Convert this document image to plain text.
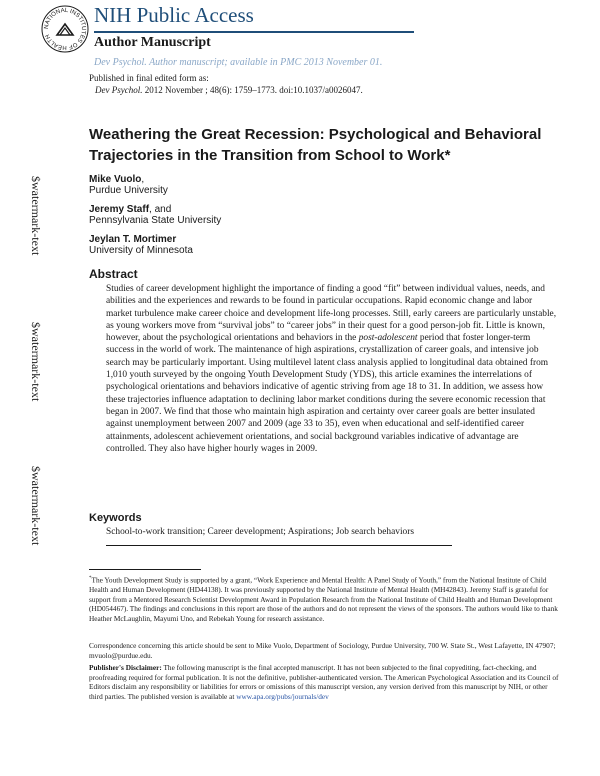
NATIONAL INSTITUTES OF HEALTH
NIH Public Access
Author Manuscript
Dev Psychol. Author manuscript; available in PMC 2013 November 01.
Published in final edited form as:
Dev Psychol. 2012 November ; 48(6): 1759–1773. doi:10.1037/a0026047.
$watermark-text
$watermark-text
$watermark-text
Weathering the Great Recession: Psychological and Behavioral Trajectories in the Transition from School to Work*
Mike Vuolo,
Purdue University
Jeremy Staff, and
Pennsylvania State University
Jeylan T. Mortimer
University of Minnesota
Abstract

Studies of career development highlight the importance of finding a good “fit” between individual values, needs, and abilities and the experiences and rewards to be found in particular occupations. Rapid economic change and labor market turbulence make career choice and development life-long processes. Still, early careers are particularly unstable, as young workers move from “survival jobs” to “career jobs” in their quest for a good person-job fit. Little is known, however, about the psychological orientations and behaviors in the post-adolescent period that foster longer-term success in the world of work. The maintenance of high aspirations, crystallization of career goals, and intensive job search may be particularly important. Using multilevel latent class analysis applied to longitudinal data obtained from 1,010 youth surveyed by the ongoing Youth Development Study (YDS), this article examines the interrelations of psychological orientations and behaviors indicative of agentic striving from age 18 to 31. In addition, we assess how these trajectories influence adaptation to declining labor market conditions during the severe economic recession that began in 2007. We find that those who maintain high aspiration and certainty over career goals are better insulated against unemployment between 2007 and 2009 (age 33 to 35), even when educational and self-identified career attainments, adolescent achievement orientations, and social background variables indicative of advantage are controlled. They also have higher hourly wages in 2009.

Keywords
School-to-work transition; Career development; Aspirations; Job search behaviors

*The Youth Development Study is supported by a grant, “Work Experience and Mental Health: A Panel Study of Youth,” from the National Institute of Child Health and Human Development (HD44138). It was previously supported by the National Institute of Mental Health (MH42843). Jeremy Staff is grateful for support from a Mentored Research Scientist Development Award in Population Research from the National Institute of Child Health and Human Development (HD054467). The findings and conclusions in this report are those of the authors and do not represent the views of the sponsors. The authors would like to thank Heather McLaughlin, Mayumi Uno, and Rebekah Young for research assistance.

Correspondence concerning this article should be sent to Mike Vuolo, Department of Sociology, Purdue University, 700 W. State St., West Lafayette, IN 47907; mvuolo@purdue.edu.

Publisher's Disclaimer: The following manuscript is the final accepted manuscript. It has not been subjected to the final copyediting, fact-checking, and proofreading required for formal publication. It is not the definitive, publisher-authenticated version. The American Psychological Association and its Council of Editors disclaim any responsibility or liabilities for errors or omissions of this manuscript version, any version derived from this manuscript by NIH, or other third parties. The published version is available at www.apa.org/pubs/journals/dev
